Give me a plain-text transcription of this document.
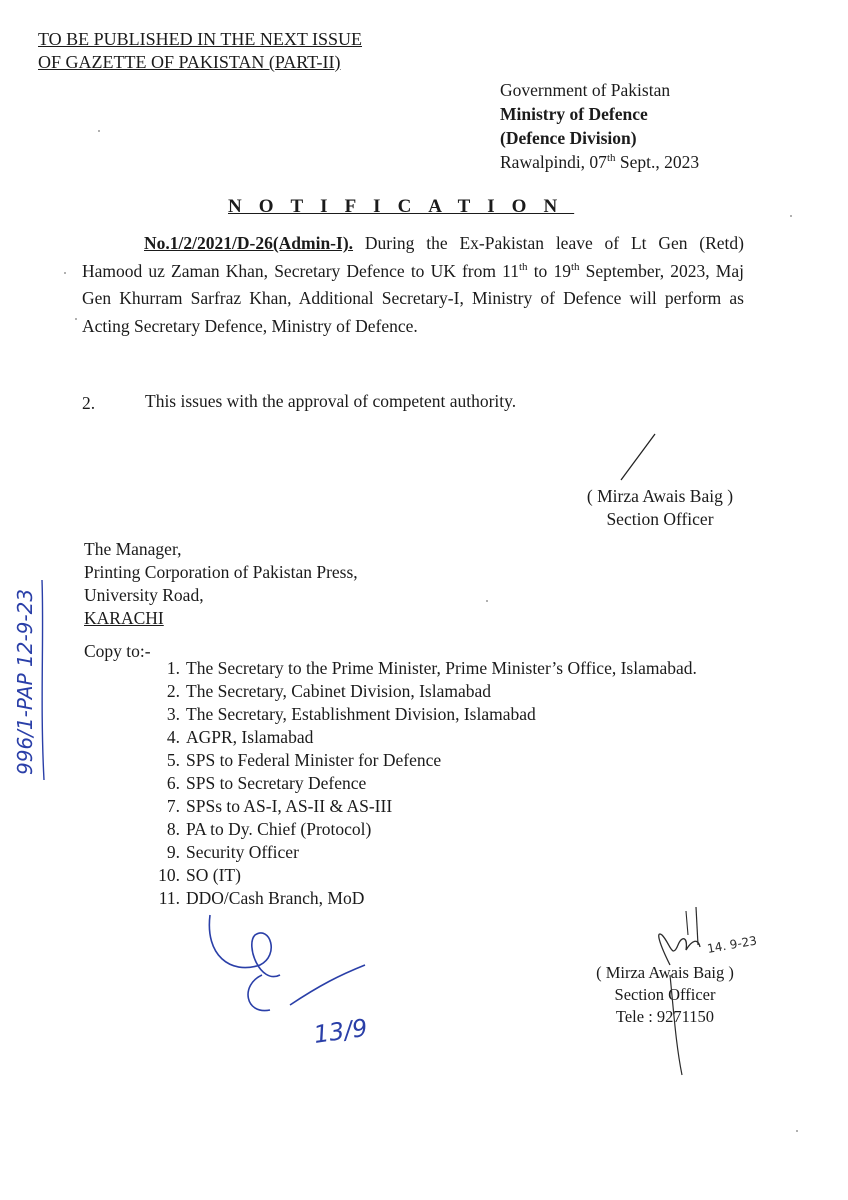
TO BE PUBLISHED IN THE NEXT ISSUE
OF GAZETTE OF PAKISTAN (PART-II)
Government of Pakistan
Ministry of Defence
(Defence Division)
Rawalpindi, 07th Sept., 2023
NOTIFICATION
No.1/2/2021/D-26(Admin-I). During the Ex-Pakistan leave of Lt Gen (Retd) Hamood uz Zaman Khan, Secretary Defence to UK from 11th to 19th September, 2023, Maj Gen Khurram Sarfraz Khan, Additional Secretary-I, Ministry of Defence will perform as Acting Secretary Defence, Ministry of Defence.
2.	This issues with the approval of competent authority.
( Mirza Awais Baig )
Section Officer
The Manager,
Printing Corporation of Pakistan Press,
University Road,
KARACHI
Copy to:-
1. The Secretary to the Prime Minister, Prime Minister’s Office, Islamabad.
2. The Secretary, Cabinet Division, Islamabad
3. The Secretary, Establishment Division, Islamabad
4. AGPR, Islamabad
5. SPS to Federal Minister for Defence
6. SPS to Secretary Defence
7. SPSs to AS-I, AS-II & AS-III
8. PA to Dy. Chief (Protocol)
9. Security Officer
10. SO (IT)
11. DDO/Cash Branch, MoD
( Mirza Awais Baig )
Section Officer
Tele : 9271150
14. 9-23
996/1-PAP 12-9-23
13/9
